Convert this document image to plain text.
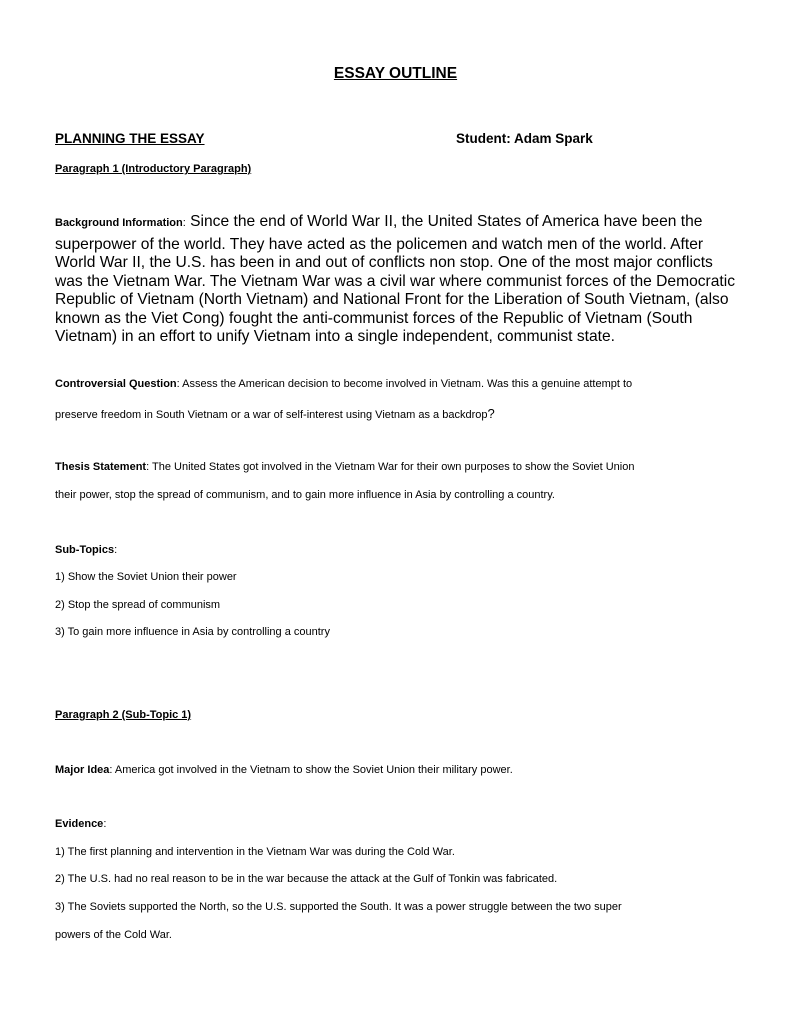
ESSAY OUTLINE
PLANNING THE ESSAY	Student: Adam Spark
Paragraph 1 (Introductory Paragraph)
Background Information: Since the end of World War II, the United States of America have been the
superpower of the world. They have acted as the policemen and watch men of the world. After
World War II, the U.S. has been in and out of conflicts non stop. One of the most major conflicts
was the Vietnam War. The Vietnam War was a civil war where communist forces of the Democratic
Republic of Vietnam (North Vietnam) and National Front for the Liberation of South Vietnam, (also
known as the Viet Cong) fought the anti-communist forces of the Republic of Vietnam (South
Vietnam) in an effort to unify Vietnam into a single independent, communist state.
Controversial Question: Assess the American decision to become involved in Vietnam. Was this a genuine attempt to
preserve freedom in South Vietnam or a war of self-interest using Vietnam as a backdrop?
Thesis Statement: The United States got involved in the Vietnam War for their own purposes to show the Soviet Union
their power, stop the spread of communism, and to gain more influence in Asia by controlling a country.
Sub-Topics:
1) Show the Soviet Union their power
2) Stop the spread of communism
3) To gain more influence in Asia by controlling a country
Paragraph 2 (Sub-Topic 1)
Major Idea: America got involved in the Vietnam to show the Soviet Union their military power.
Evidence:
1) The first planning and intervention in the Vietnam War was during the Cold War.
2) The U.S. had no real reason to be in the war because the attack at the Gulf of Tonkin was fabricated.
3) The Soviets supported the North, so the U.S. supported the South. It was a power struggle between the two super
powers of the Cold War.
